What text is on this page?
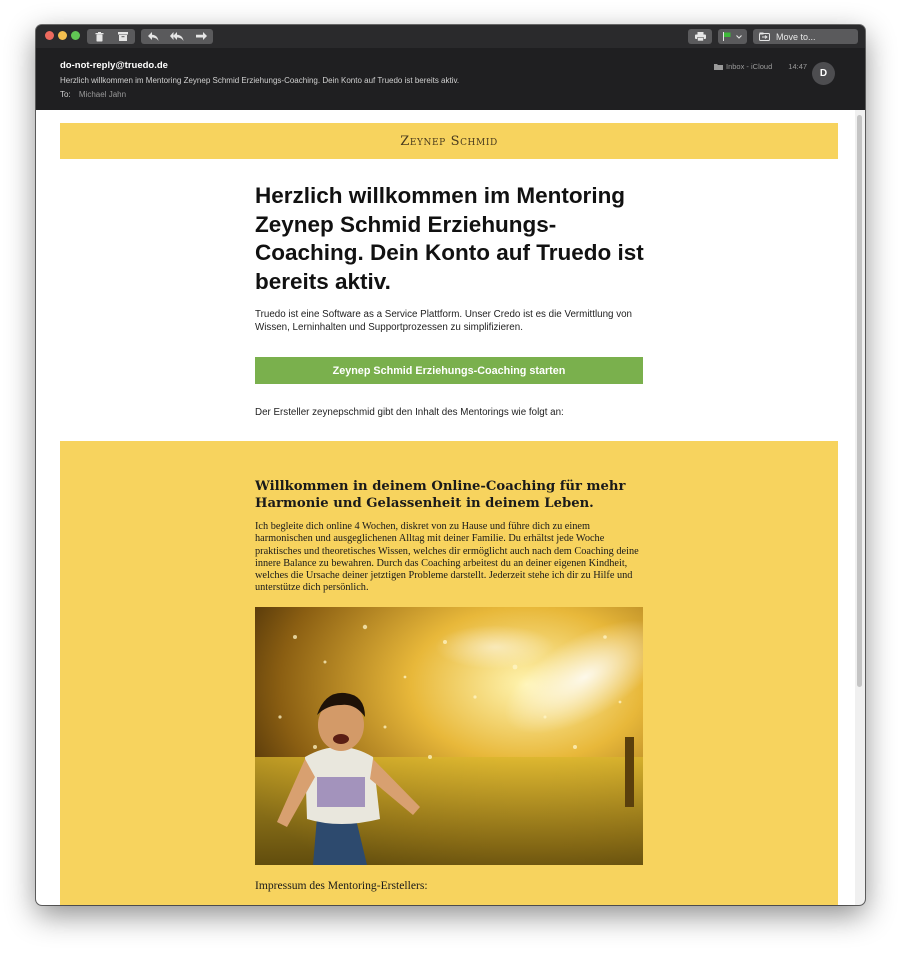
Move to...
do-not-reply@truedo.de
Herzlich willkommen im Mentoring Zeynep Schmid Erziehungs-Coaching. Dein Konto auf Truedo ist bereits aktiv.
To: Michael Jahn
Inbox - iCloud 14:47
D
Zeynep Schmid
Herzlich willkommen im Mentoring Zeynep Schmid Erziehungs-Coaching. Dein Konto auf Truedo ist bereits aktiv.

Truedo ist eine Software as a Service Plattform. Unser Credo ist es die Vermittlung von Wissen, Lerninhalten und Supportprozessen zu simplifizieren.

Zeynep Schmid Erziehungs-Coaching starten

Der Ersteller zeynepschmid gibt den Inhalt des Mentorings wie folgt an:

Willkommen in deinem Online-Coaching für mehr Harmonie und Gelassenheit in deinem Leben.

Ich begleite dich online 4 Wochen, diskret von zu Hause und führe dich zu einem harmonischen und ausgeglichenen Alltag mit deiner Familie. Du erhältst jede Woche praktisches und theoretisches Wissen, welches dir ermöglicht auch nach dem Coaching deine innere Balance zu bewahren. Durch das Coaching arbeitest du an deiner eigenen Kindheit, welches die Ursache deiner jetztigen Probleme darstellt. Jederzeit stehe ich dir zu Hilfe und unterstütze dich persönlich.

Impressum des Mentoring-Erstellers:
